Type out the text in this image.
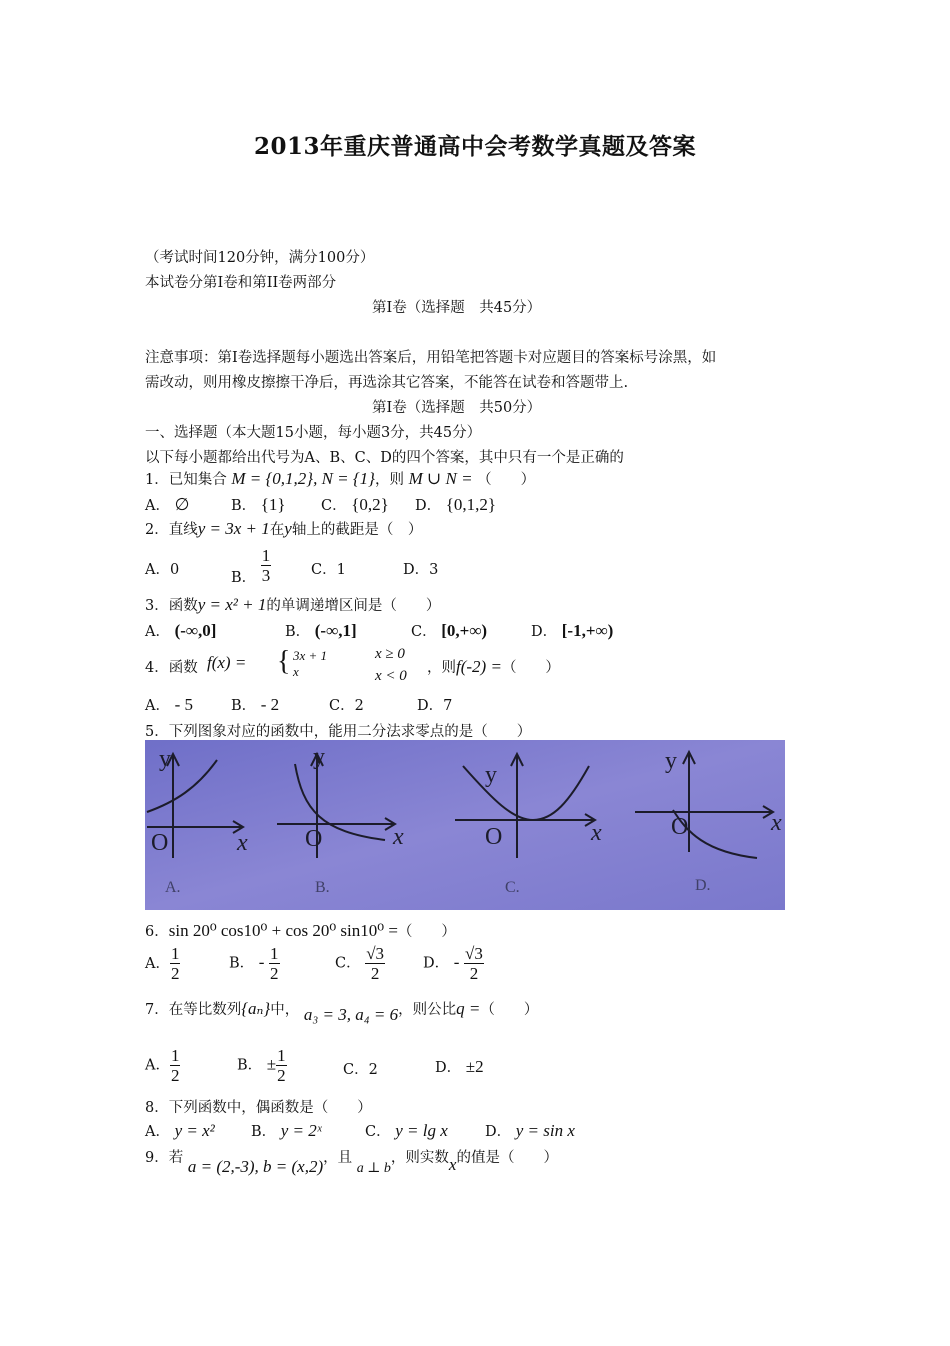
2013年重庆普通高中会考数学真题及答案
（考试时间120分钟，满分100分）
本试卷分第I卷和第II卷两部分
第I卷（选择题　共45分）
注意事项：第I卷选择题每小题选出答案后，用铅笔把答题卡对应题目的答案标号涂黑，如
需改动，则用橡皮擦擦干净后，再选涂其它答案，不能答在试卷和答题带上.
第I卷（选择题　共50分）
一、选择题（本大题15小题，每小题3分，共45分）
以下每小题都给出代号为A、B、C、D的四个答案，其中只有一个是正确的
1．已知集合 M = {0,1,2}, N = {1}，则 M ∪ N = （　　）
A． ∅	B． {1} C． {0,2} D． {0,1,2}
2．直线y = 3x + 1在y轴上的截距是（　）
A．0	B． $\frac{1}{3}$	C．1	D．3
3．函数y = x² + 1的单调递增区间是（　　）
A． (-∞,0]	B． (-∞,1]	C． [0,+∞)	D． [-1,+∞)
4．函数 f(x) = { 3x + 1	x ≥ 0
x	x < 0 ，则f(-2) =（　　）
A． - 5	B． - 2	C．2	D．7
5．下列图象对应的函数中，能用二分法求零点的是（　　）
y
x
O
A.
y
x
O
B.
y
x
O
C.
y
x
O
D.
6．sin 20⁰ cos10⁰ + cos 20⁰ sin10⁰ =（　　）
A． $\frac{1}{2}$	B． - $\frac{1}{2}$	C． $\frac{√3}{2}$	D． - $\frac{√3}{2}$
7．在等比数列{aₙ}中， a₃ = 3, a₄ = 6，则公比q =（　　）
A． $\frac{1}{2}$	B． ± $\frac{1}{2}$	C．2	D． ±2
8．下列函数中，偶函数是（　　）
A． y = x² B． y = 2ˣ	C． y = lg x	D． y = sin x
9．若 a = (2,-3), b = (x,2)，且 a ⊥ b，则实数x的值是（　　）
